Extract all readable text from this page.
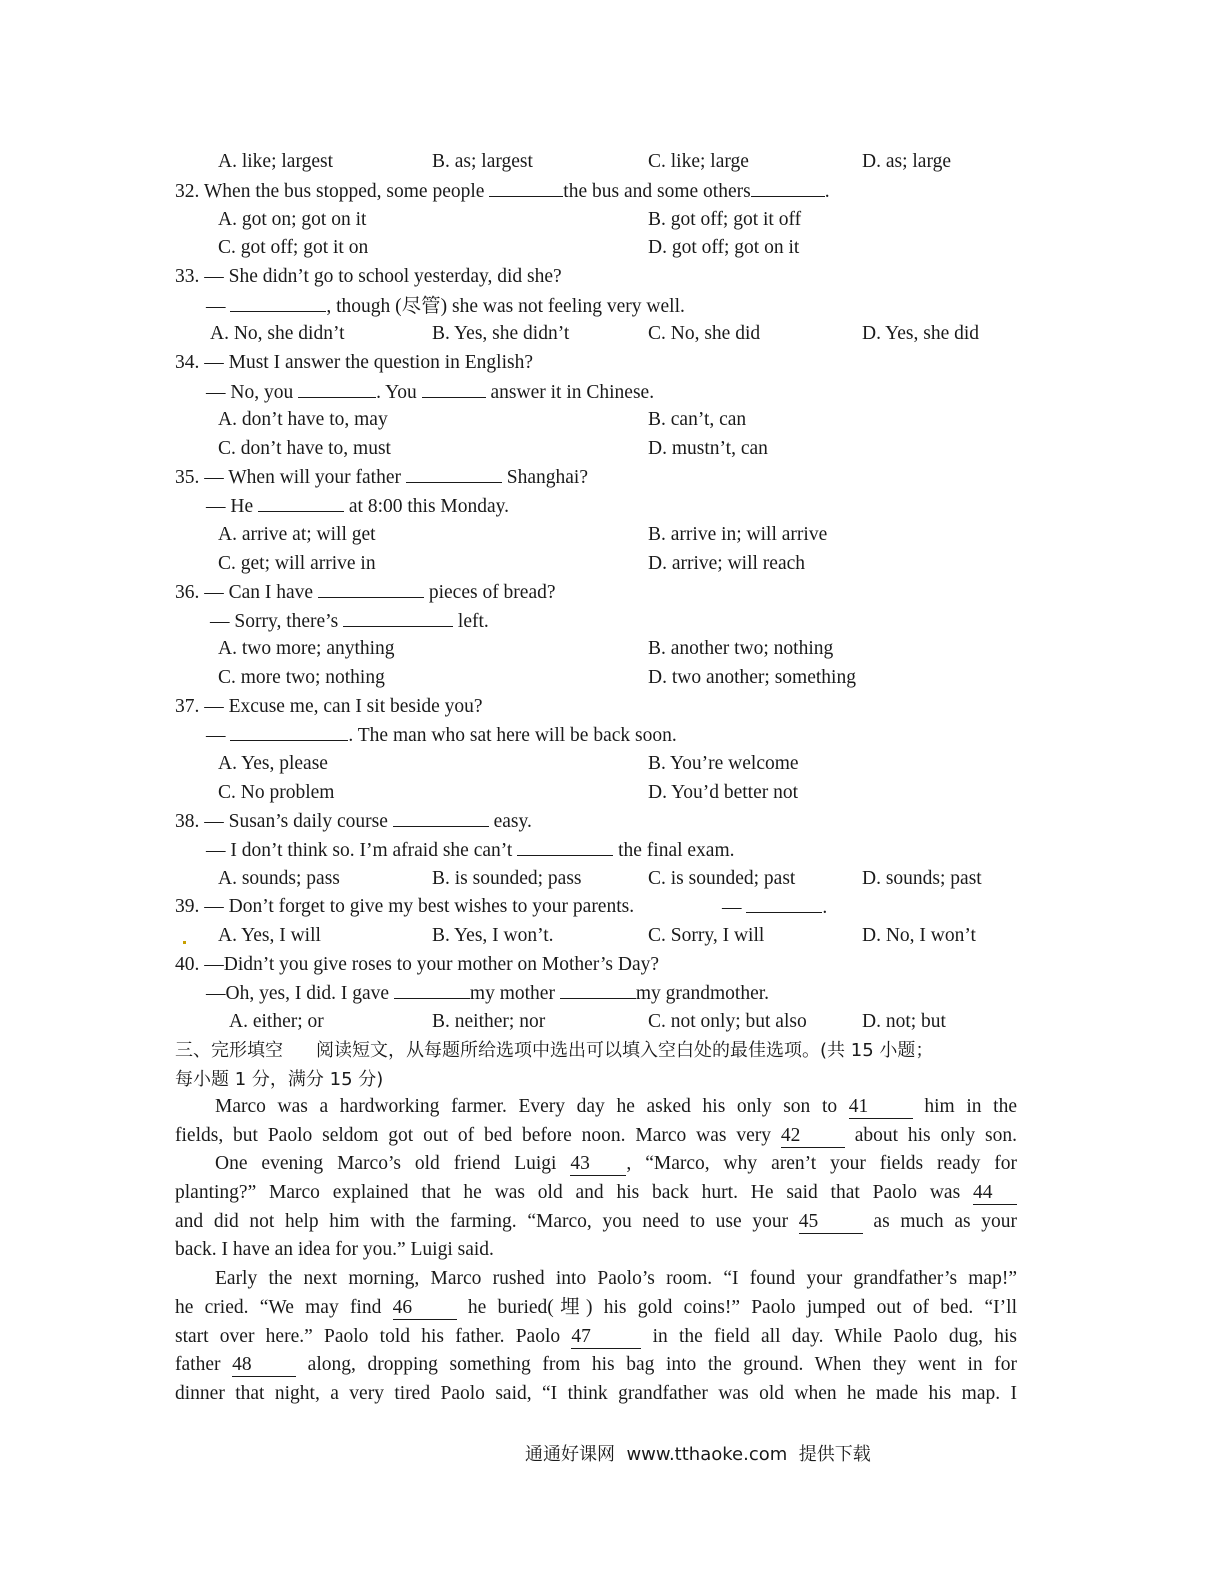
A. like; largest	B. as; largest	C. like; large	D. as; large
32. When the bus stopped, some people	the bus and some others	.
A. got on; got on it	B. got off; got it off
C. got off; got it on	D. got off; got on it
33. — She didn’t go to school yesterday, did she?
—	, though (尽管) she was not feeling very well.
A. No, she didn’t	B. Yes, she didn’t	C. No, she did	D. Yes, she did
34. — Must I answer the question in English?
— No, you	. You	answer it in Chinese.
A. don’t have to, may	B. can’t, can
C. don’t have to, must	D. mustn’t, can
35. — When will your father	Shanghai?
— He	at 8:00 this Monday.
A. arrive at; will get	B. arrive in; will arrive
C. get; will arrive in	D. arrive; will reach
36. — Can I have	pieces of bread?
— Sorry, there’s	left.
A. two more; anything	B. another two; nothing
C. more two; nothing	D. two another; something
37. — Excuse me, can I sit beside you?
—	. The man who sat here will be back soon.
A. Yes, please	B. You’re welcome
C. No problem	D. You’d better not
38. — Susan’s daily course	easy.
— I don’t think so. I’m afraid she can’t	the final exam.
A. sounds; pass	B. is sounded; pass	C. is sounded; past	D. sounds; past
39. — Don’t forget to give my best wishes to your parents.	—	.
A. Yes, I will	B. Yes, I won’t.	C. Sorry, I will	D. No, I won’t
40. —Didn’t you give roses to your mother on Mother’s Day?
—Oh, yes, I did. I gave	my mother	my grandmother.
A. either; or	B. neither; nor	C. not only; but also	D. not; but
三、完形填空 阅读短文，从每题所给选项中选出可以填入空白处的最佳选项。(共 15 小题；
每小题 1 分，满分 15 分)
Marco was a hardworking farmer. Every day he asked his only son to 41 him in the
fields, but Paolo seldom got out of bed before noon. Marco was very 42 about his only son.
One evening Marco’s old friend Luigi 43 , “Marco, why aren’t your fields ready for
planting?” Marco explained that he was old and his back hurt. He said that Paolo was 44
and did not help him with the farming. “Marco, you need to use your 45 as much as your
back. I have an idea for you.” Luigi said.
Early the next morning, Marco rushed into Paolo’s room. “I found your grandfather’s map!”
he cried. “We may find 46 he buried(埋) his gold coins!” Paolo jumped out of bed. “I’ll
start over here.” Paolo told his father. Paolo 47	in the field all day. While Paolo dug, his
father 48 along, dropping something from his bag into the ground. When they went in for
dinner that night, a very tired Paolo said, “I think grandfather was old when he made his map. I
通通好课网  www.tthaoke.com  提供下载
